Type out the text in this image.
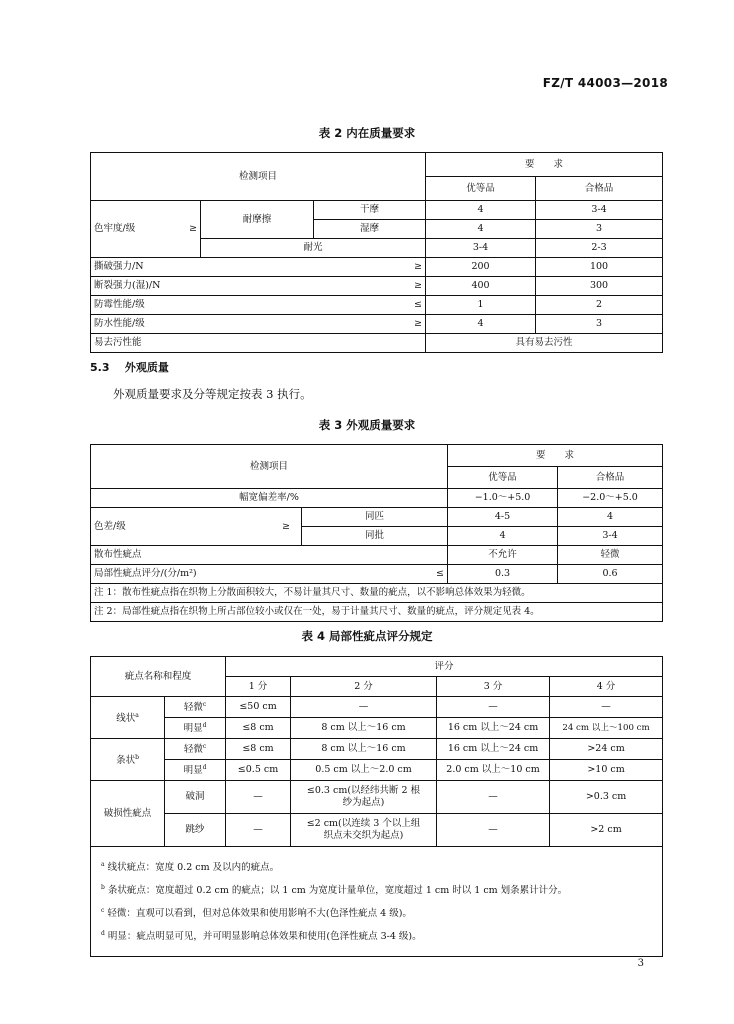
FZ/T 44003—2018
表 2 内在质量要求
检测项目			要　　求	
			优等品	合格品
色牢度/级 ≥	耐摩擦	干摩	4	3-4
		湿摩	4	3
	耐光		3-4	2-3
撕破强力/N ≥			200	100
断裂强力(湿)/N ≥			400	300
防霉性能/级 ≤			1	2
防水性能/级 ≥			4	3
易去污性能			具有易去污性	
5.3 外观质量
外观质量要求及分等规定按表 3 执行。
表 3 外观质量要求
检测项目		要　　求	
		优等品	合格品
幅宽偏差率/%		−1.0～+5.0	−2.0～+5.0
色差/级 ≥	同匹	4-5	4
	同批	4	3-4
散布性疵点		不允许	轻微
局部性疵点评分/(分/m²) ≤		0.3	0.6
注 1：散布性疵点指在织物上分散面积较大，不易计量其尺寸、数量的疵点，以不影响总体效果为轻微。			
注 2：局部性疵点指在织物上所占部位较小或仅在一处，易于计量其尺寸、数量的疵点，评分规定见表 4。			
表 4 局部性疵点评分规定
疵点名称和程度		评分			
		1 分	2 分	3 分	4 分
线状$^a$	轻微$^c$	≤50 cm	—	—	—
	明显$^d$	≤8 cm	8 cm 以上～16 cm	16 cm 以上～24 cm	24 cm 以上～100 cm
条状$^b$	轻微$^c$	≤8 cm	8 cm 以上～16 cm	16 cm 以上～24 cm	>24 cm
	明显$^d$	≤0.5 cm	0.5 cm 以上～2.0 cm	2.0 cm 以上～10 cm	>10 cm
破损性疵点	破洞	—	≤0.3 cm(以经纬共断 2 根纱为起点)	—	>0.3 cm
	跳纱	—	≤2 cm(以连续 3 个以上组织点未交织为起点)	—	>2 cm

$^a$ 线状疵点：宽度 0.2 cm 及以内的疵点。
$^b$ 条状疵点：宽度超过 0.2 cm 的疵点；以 1 cm 为宽度计量单位，宽度超过 1 cm 时以 1 cm 划条累计计分。
$^c$ 轻微：直观可以看到，但对总体效果和使用影响不大(色泽性疵点 4 级)。
$^d$ 明显：疵点明显可见，并可明显影响总体效果和使用(色泽性疵点 3-4 级)。					
3
